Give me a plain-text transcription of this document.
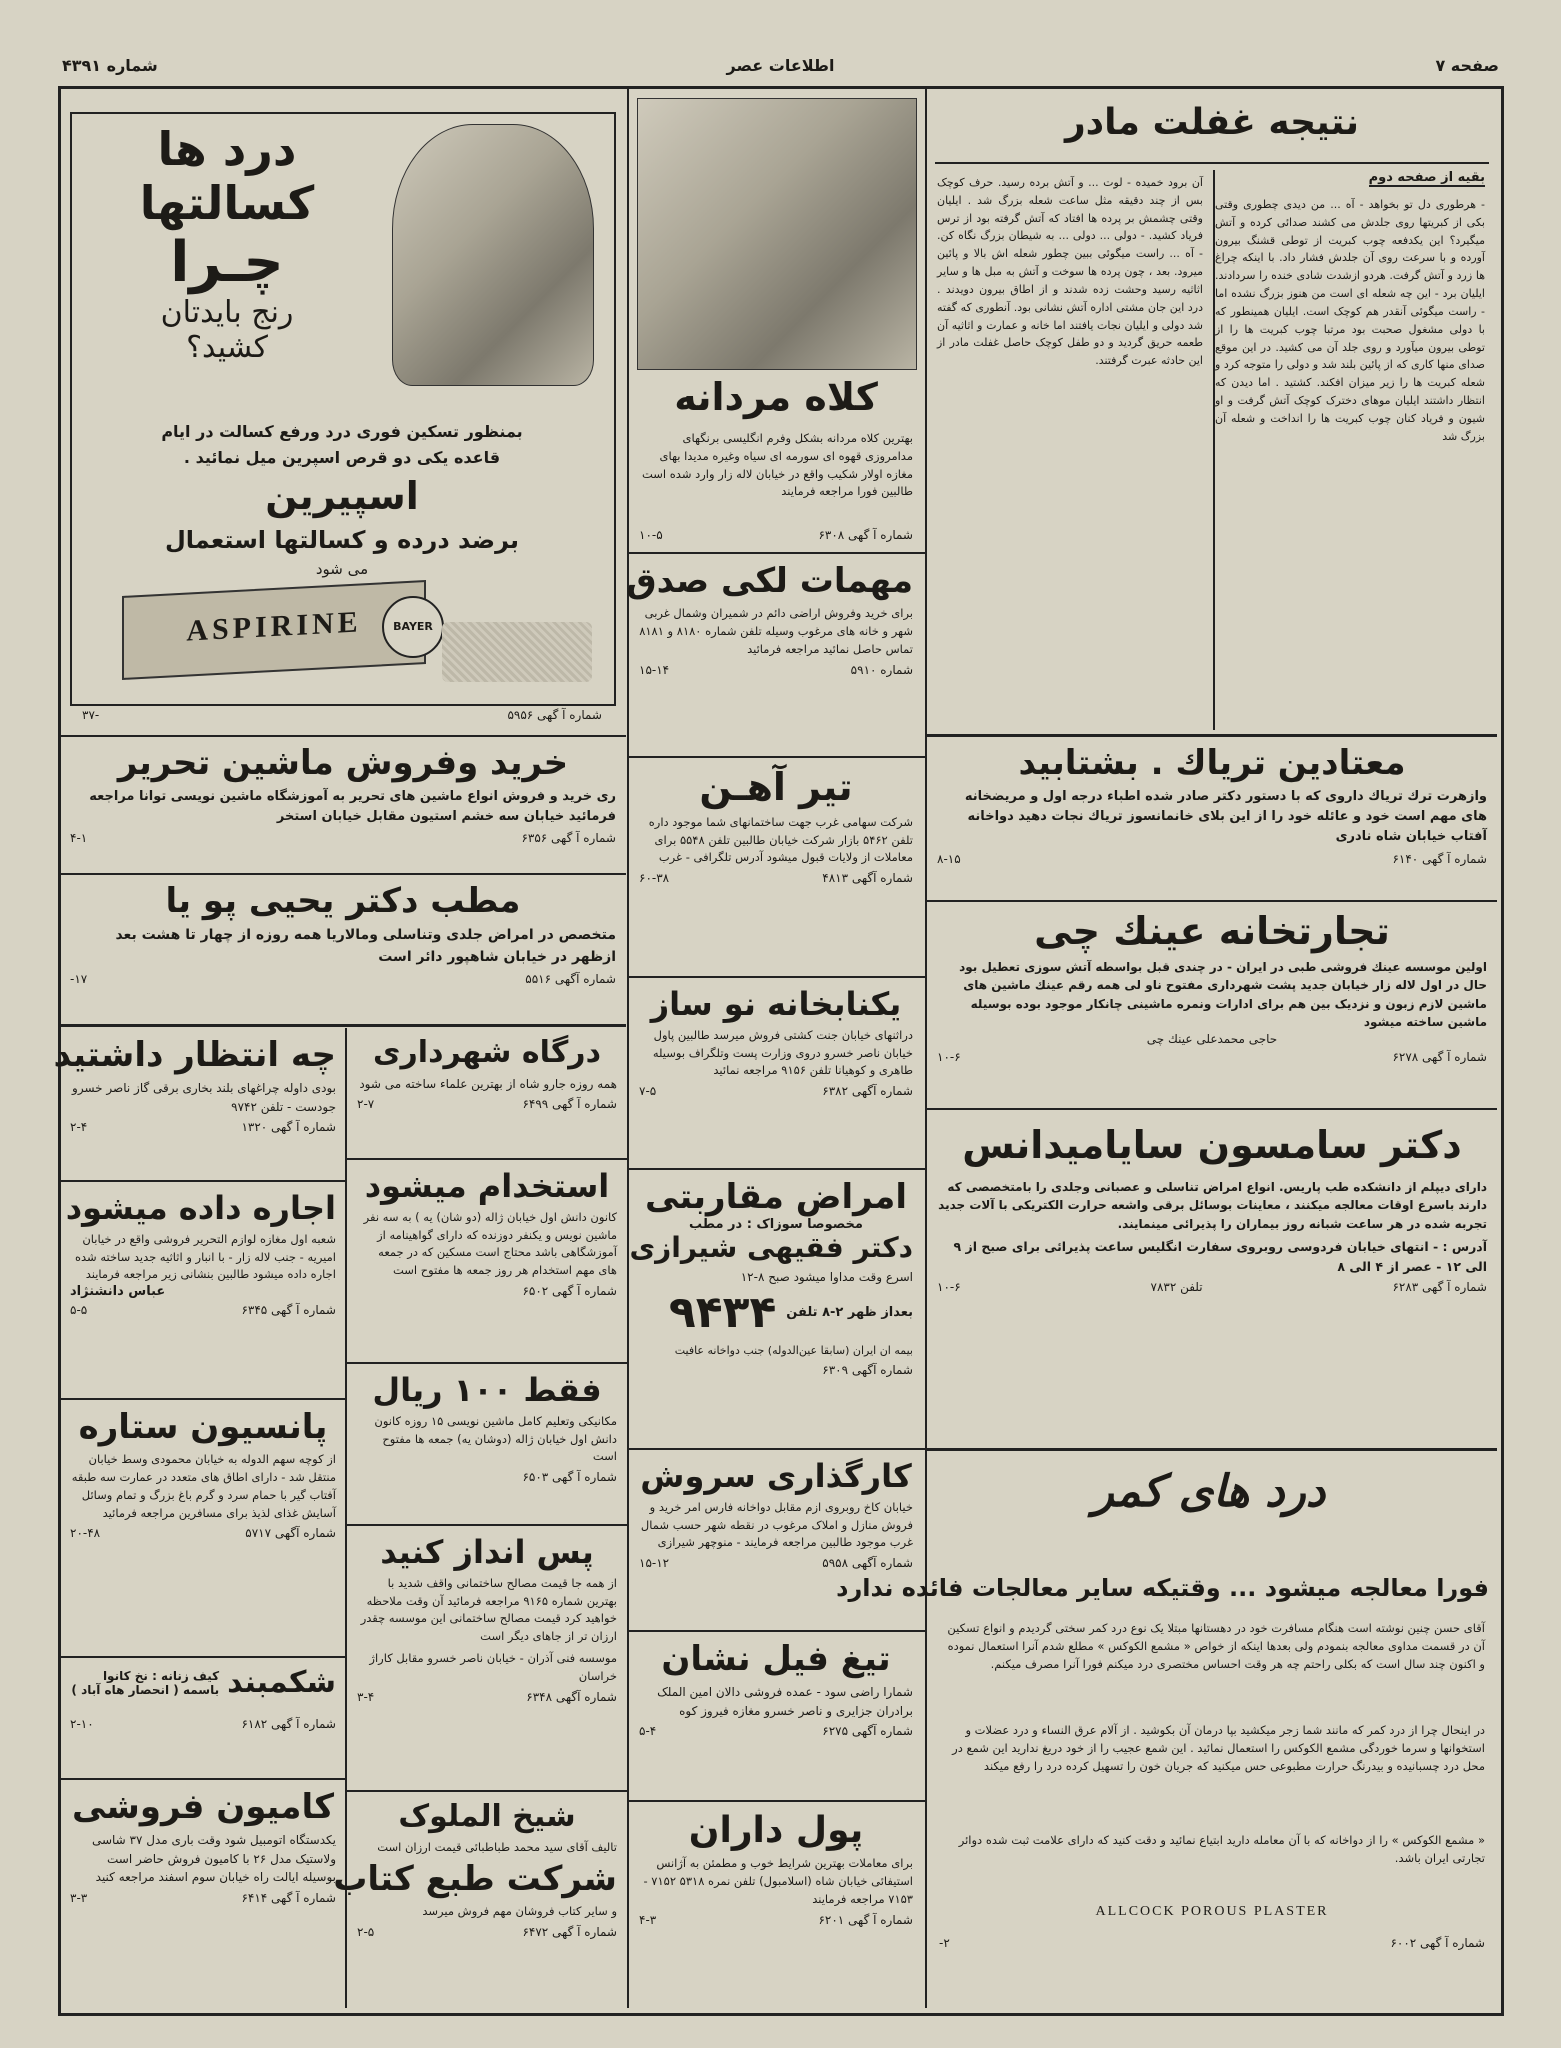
صفحه ۷
اطلاعات عصر
شماره ۴۳۹۱
درد ها
کسالتها
چـرا
رنج بایدتان
کشید؟
بمنظور تسکین فوری درد ورفع کسالت در ایام
قاعده یکی دو قرص اسپرین میل نمائید .
اسپیرین
برضد درده و کسالتها استعمال
می شود
ASPIRINE	BAYER
شماره آ گهی ۵۹۵۶
-۳۷
خرید وفروش ماشین تحریر
ری خرید و فروش انواع ماشین های تحریر به آموزشگاه ماشین نویسی توانا مراجعه فرمائید خیابان سه خشم استیون مقابل خیابان استخر
شماره آ گهی ۶۳۵۶
۴-۱
مطب دکتر یحیی پو یا
متخصص در امراض جلدی وتناسلی ومالاریا همه روزه از چهار تا هشت بعد ازظهر در خیابان شاهپور دائر است
شماره آگهی ۵۵۱۶
-۱۷
درگاه شهرداری
همه روزه جارو شاه از بهترین علماء ساخته می شود
شماره آ گهی ۶۴۹۹
۲-۷
استخدام میشود
کانون دانش اول خیابان ژاله (دو شان) یه ) به سه نفر ماشین نویس و یکنفر دوزنده که دارای گواهینامه از آموزشگاهی باشد محتاج است مسکین که در جمعه های مهم استخدام هر روز جمعه ها مفتوح است
شماره آ گهی ۶۵۰۲
فقط ۱۰۰ ریال
مکانیکی وتعلیم کامل ماشین نویسی ۱۵ روزه کانون دانش اول خیابان ژاله (دوشان یه) جمعه ها مفتوح است
شماره آ گهی ۶۵۰۳
پس انداز کنید
از همه جا قیمت مصالح ساختمانی واقف شدید با بهترین شماره ۹۱۶۵ مراجعه فرمائید آن وقت ملاحظه خواهید کرد قیمت مصالح ساختمانی این موسسه چقدر ارزان تر از جاهای دیگر است
موسسه فنی آذران - خیابان ناصر خسرو مقابل کاراژ خراسان
شماره آگهی ۶۳۴۸
۳-۴
شیخ الملوک
تالیف آقای سید محمد طباطبائی قیمت ارزان است
شرکت طبع کتاب
و سایر کتاب فروشان مهم فروش میرسد
شماره آ گهی ۶۴۷۲
۲-۵
چه انتظار داشتید
بودی داوله چراغهای بلند بخاری برقی گاز ناصر خسرو جودست - تلفن ۹۷۴۲
شماره آ گهی ۱۳۲۰
۲-۴
اجاره داده میشود
شعبه اول مغازه لوازم التحریر فروشی واقع در خیابان امیریه - جنب لاله زار - با انبار و اثاثیه جدید ساخته شده اجاره داده میشود طالبین بنشانی زیر مراجعه فرمایند
عباس دانشنژاد
شماره آ گهی ۶۳۴۵
۵-۵
پانسیون ستاره
از کوچه سهم الدوله به خیابان محمودی وسط خیابان منتقل شد - دارای اطاق های متعدد در عمارت سه طبقه آفتاب گیر با حمام سرد و گرم باغ بزرگ و تمام وسائل آسایش غذای لذیذ برای مسافرین مراجعه فرمائید
شماره آگهی ۵۷۱۷
۲۰-۴۸
شکمبند
کیف زنانه : نخ کانوا باسمه ( انحصار هاه آباد )
شماره آ گهی ۶۱۸۲
۲-۱۰
کامیون فروشی
یکدستگاه اتومبیل شود وقت باری مدل ۳۷ شاسی ولاستیک مدل ۲۶ با کامیون فروش حاضر است بوسیله ایالت راه خیابان سوم اسفند مراجعه کنید
شماره آ گهی ۶۴۱۴
۳-۳
کلاه مردانه
بهترین کلاه مردانه بشکل وفرم انگلیسی برنگهای مدامروزی قهوه ای سورمه ای سیاه وغیره مدیدا بهای مغازه اولار شکیب واقع در خیابان لاله زار وارد شده است طالبین فورا مراجعه فرمایند
شماره آ گهی ۶۳۰۸
۱۰-۵
مهمات لکی صدق
برای خرید وفروش اراضی دائم در شمیران وشمال غربی شهر و خانه های مرغوب وسیله تلفن شماره ۸۱۸۰ و ۸۱۸۱ تماس حاصل نمائید مراجعه فرمائید
شماره ۵۹۱۰
۱۵-۱۴
تیر آهـن
شرکت سهامی غرب جهت ساختمانهای شما موجود داره تلفن ۵۴۶۲ بازار شرکت خیابان طالبین تلفن ۵۵۴۸ برای معاملات از ولایات قبول میشود آدرس تلگرافی - غرب
شماره آگهی ۴۸۱۳
۶۰-۳۸
یکنابخانه نو ساز
دراثنهای خیابان جنت کشتی فروش میرسد طالبین پاول خیابان ناصر خسرو دروی وزارت پست وتلگراف بوسیله طاهری و کوهیانا تلفن ۹۱۵۶ مراجعه نمائید
شماره آگهی ۶۳۸۲
۷-۵
امراض مقاربتی
مخصوصا سوزاک : در مطب
دکتر فقیهی شیرازی
اسرع وقت مداوا میشود صبح ۸-۱۲
بعداز ظهر ۲-۸ تلفن
۹۴۳۴
بیمه ان ایران (سابقا عین‌الدوله) جنب دواخانه عافیت
شماره آگهی ۶۳۰۹
کارگذاری سروش
خیابان کاخ روبروی ازم مقابل دواخانه فارس امر خرید و فروش منازل و املاک مرغوب در نقطه شهر حسب شمال غرب موجود طالبین مراجعه فرمایند - منوچهر شیرازی
شماره آگهی ۵۹۵۸
۱۵-۱۲
تیغ فیل نشان
شمارا راضی سود - عمده فروشی دالان امین الملک برادران جزایری و ناصر خسرو مغازه فیروز کوه
شماره آگهی ۶۲۷۵
۵-۴
پول داران
برای معاملات بهترین شرایط خوب و مطمئن به آژانس استیفائی خیابان شاه (اسلامبول) تلفن نمره ۵۳۱۸ ۷۱۵۲ - ۷۱۵۳ مراجعه فرمایند
شماره آ گهی ۶۲۰۱
۴-۳
نتیجه غفلت مادر
بقیه از صفحه دوم
- هرطوری دل تو بخواهد - آه ... من دیدی چطوری وقتی بکی از کبریتها روی جلدش می کشند صدائی کرده و آتش میگیرد؟ این یکدفعه چوب کبریت از توطی قشنگ بیرون آورده و با سرعت روی آن جلدش فشار داد. با اینکه چراغ ها زرد و آتش گرفت. هردو ازشدت شادی خنده را سردادند. ایلیان برد - این چه شعله ای است من هنوز بزرگ نشده اما - راست میگوئی آنقدر هم کوچک است. ایلیان همینطور که با دولی مشغول صحبت بود مرتبا چوب کبریت ها را از توطی بیرون میآورد و روی جلد آن می کشید. در این موقع صدای منها کاری که از پائین بلند شد و دولی را متوجه کرد و شعله کبریت ها را زیر میزان افکند. کشتید . اما دیدن که انتظار داشتند ایلیان موهای دخترک کوچک آتش گرفت و او شیون و فریاد کنان چوب کبریت ها را انداخت و شعله آن بزرگ شد
آن برود خمیده - لوت ... و آتش برده رسید. حرف کوچک بس از چند دقیقه مثل ساعت شعله بزرگ شد . ایلیان وقتی چشمش بر پرده ها افتاد که آتش گرفته بود از ترس فریاد کشید. - دولی ... دولی ... به شیطان بزرگ نگاه کن. - آه ... راست میگوئی ببین چطور شعله اش بالا و پائین میرود. بعد ، چون پرده ها سوخت و آتش به مبل ها و سایر اثاثیه رسید وحشت زده شدند و از اطاق بیرون دویدند . درد این جان مشتی اداره آتش نشانی بود. آنطوری که گفته شد دولی و ایلیان نجات یافتند اما خانه و عمارت و اثاثیه آن طعمه حریق گردید و دو طفل کوچک حاصل غفلت مادر از این حادثه عبرت گرفتند.
معتادین تریاك . بشتابید
وازهرت ترك تریاك داروی که با دستور دکتر صادر شده اطباء درجه اول و مریضخانه های مهم است خود و عائله خود را از این بلای خانمانسوز تریاك نجات دهید دواخانه آفتاب خیابان شاه نادری
شماره آ گهی ۶۱۴۰
۸-۱۵
تجارتخانه عینك چی
اولین موسسه عینك فروشی طبی در ایران - در چندی قبل بواسطه آتش سوزی تعطیل بود حال در اول لاله زار خیابان جدید پشت شهرداری مفتوح ناو لی همه رقم عینك ماشین های ماشین لازم زبون و نزدیک بین هم برای ادارات ونمره ماشینی چانکار موجود بوده بوسیله ماشین ساخته میشود
حاجی محمدعلی عینك چی
شماره آ گهی ۶۲۷۸
۱۰-۶
دکتر سامسون سایامیدانس
دارای دیپلم از دانشکده طب پاریس. انواع امراض تناسلی و عصبانی وجلدی را بامتخصصی که دارند باسرع اوقات معالجه میکنند ، معاینات بوسائل برقی واشعه حرارت الکتریکی با آلات جدید تجربه شده در هر ساعت شبانه روز بیماران را پذیرائی مینمایند.
آدرس : - انتهای خیابان فردوسی روبروی سفارت انگلیس ساعت پذیرائی برای صبح از ۹ الی ۱۲ - عصر از ۴ الی ۸
شماره آ گهی ۶۲۸۳
تلفن ۷۸۳۲
۱۰-۶
درد های کمر
فورا معالجه میشود ... وقتیکه سایر معالجات فائده ندارد
آقای حسن چنین نوشته است هنگام مسافرت خود در دهستانها مبتلا یک نوع درد کمر سختی گردیدم و انواع تسکین آن در قسمت مداوی معالجه بنمودم ولی بعدها اینکه از خواص « مشمع الکوکس » مطلع شدم آنرا استعمال نموده و اکنون چند سال است که بکلی راحتم چه هر وقت احساس مختصری درد میکنم فورا آنرا مصرف میکنم.
در اینحال چرا از درد کمر که مانند شما زجر میکشید بپا درمان آن بکوشید . از آلام عرق النساء و درد عضلات و استخوانها و سرما خوردگی مشمع الکوکس را استعمال نمائید . این شمع عجیب را از خود دریغ ندارید این شمع در محل درد چسبانیده و بیدرنگ حرارت مطبوعی حس میکنید که جریان خون را تسهیل کرده درد را رفع میکند
« مشمع الکوکس » را از دواخانه که با آن معامله دارید ابتیاع نمائید و دقت کنید که دارای علامت ثبت شده دوائر تجارتی ایران باشد.
ALLCOCK POROUS PLASTER
شماره آ گهی ۶۰۰۲
-۲
